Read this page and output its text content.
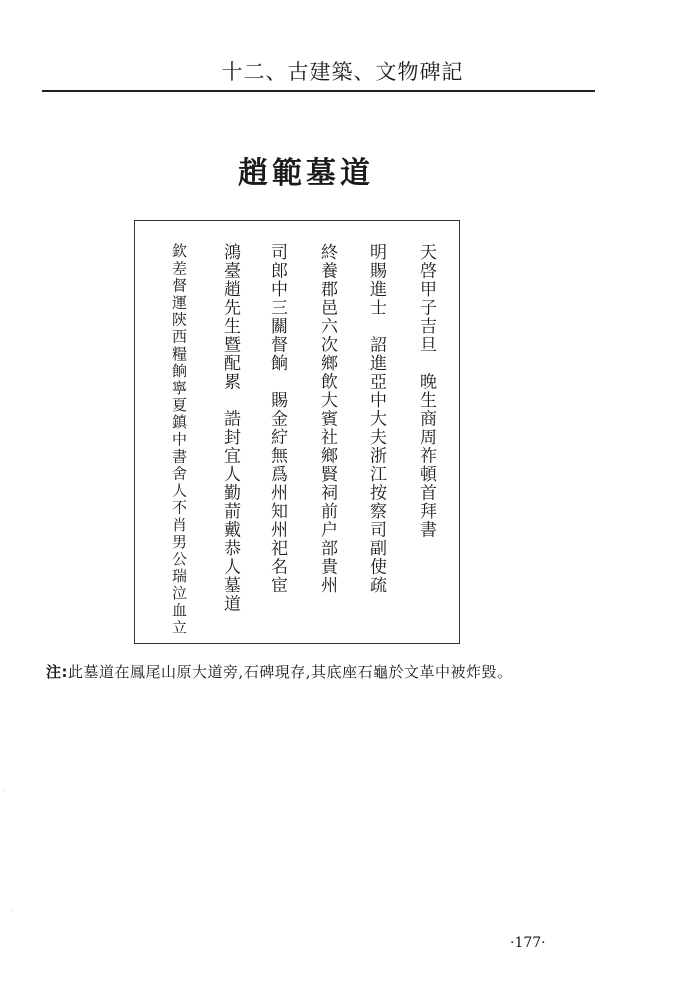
十二、古建築、文物碑記
趙範墓道
天啓甲子吉旦　晚生商周祚頓首拜書
明賜進士　詔進亞中大夫浙江按察司副使疏
終養郡邑六次鄉飲大賓社鄉賢祠前户部貴州
司郎中三關督餉　賜金紵無爲州知州祀名宦
鴻臺趙先生暨配累　誥封宜人勤葥戴恭人墓道
欽差督運陝西糧餉寧夏鎮中書舍人不肖男公瑞泣血立
注:此墓道在鳳尾山原大道旁,石碑現存,其底座石龜於文革中被炸毀。
·177·
